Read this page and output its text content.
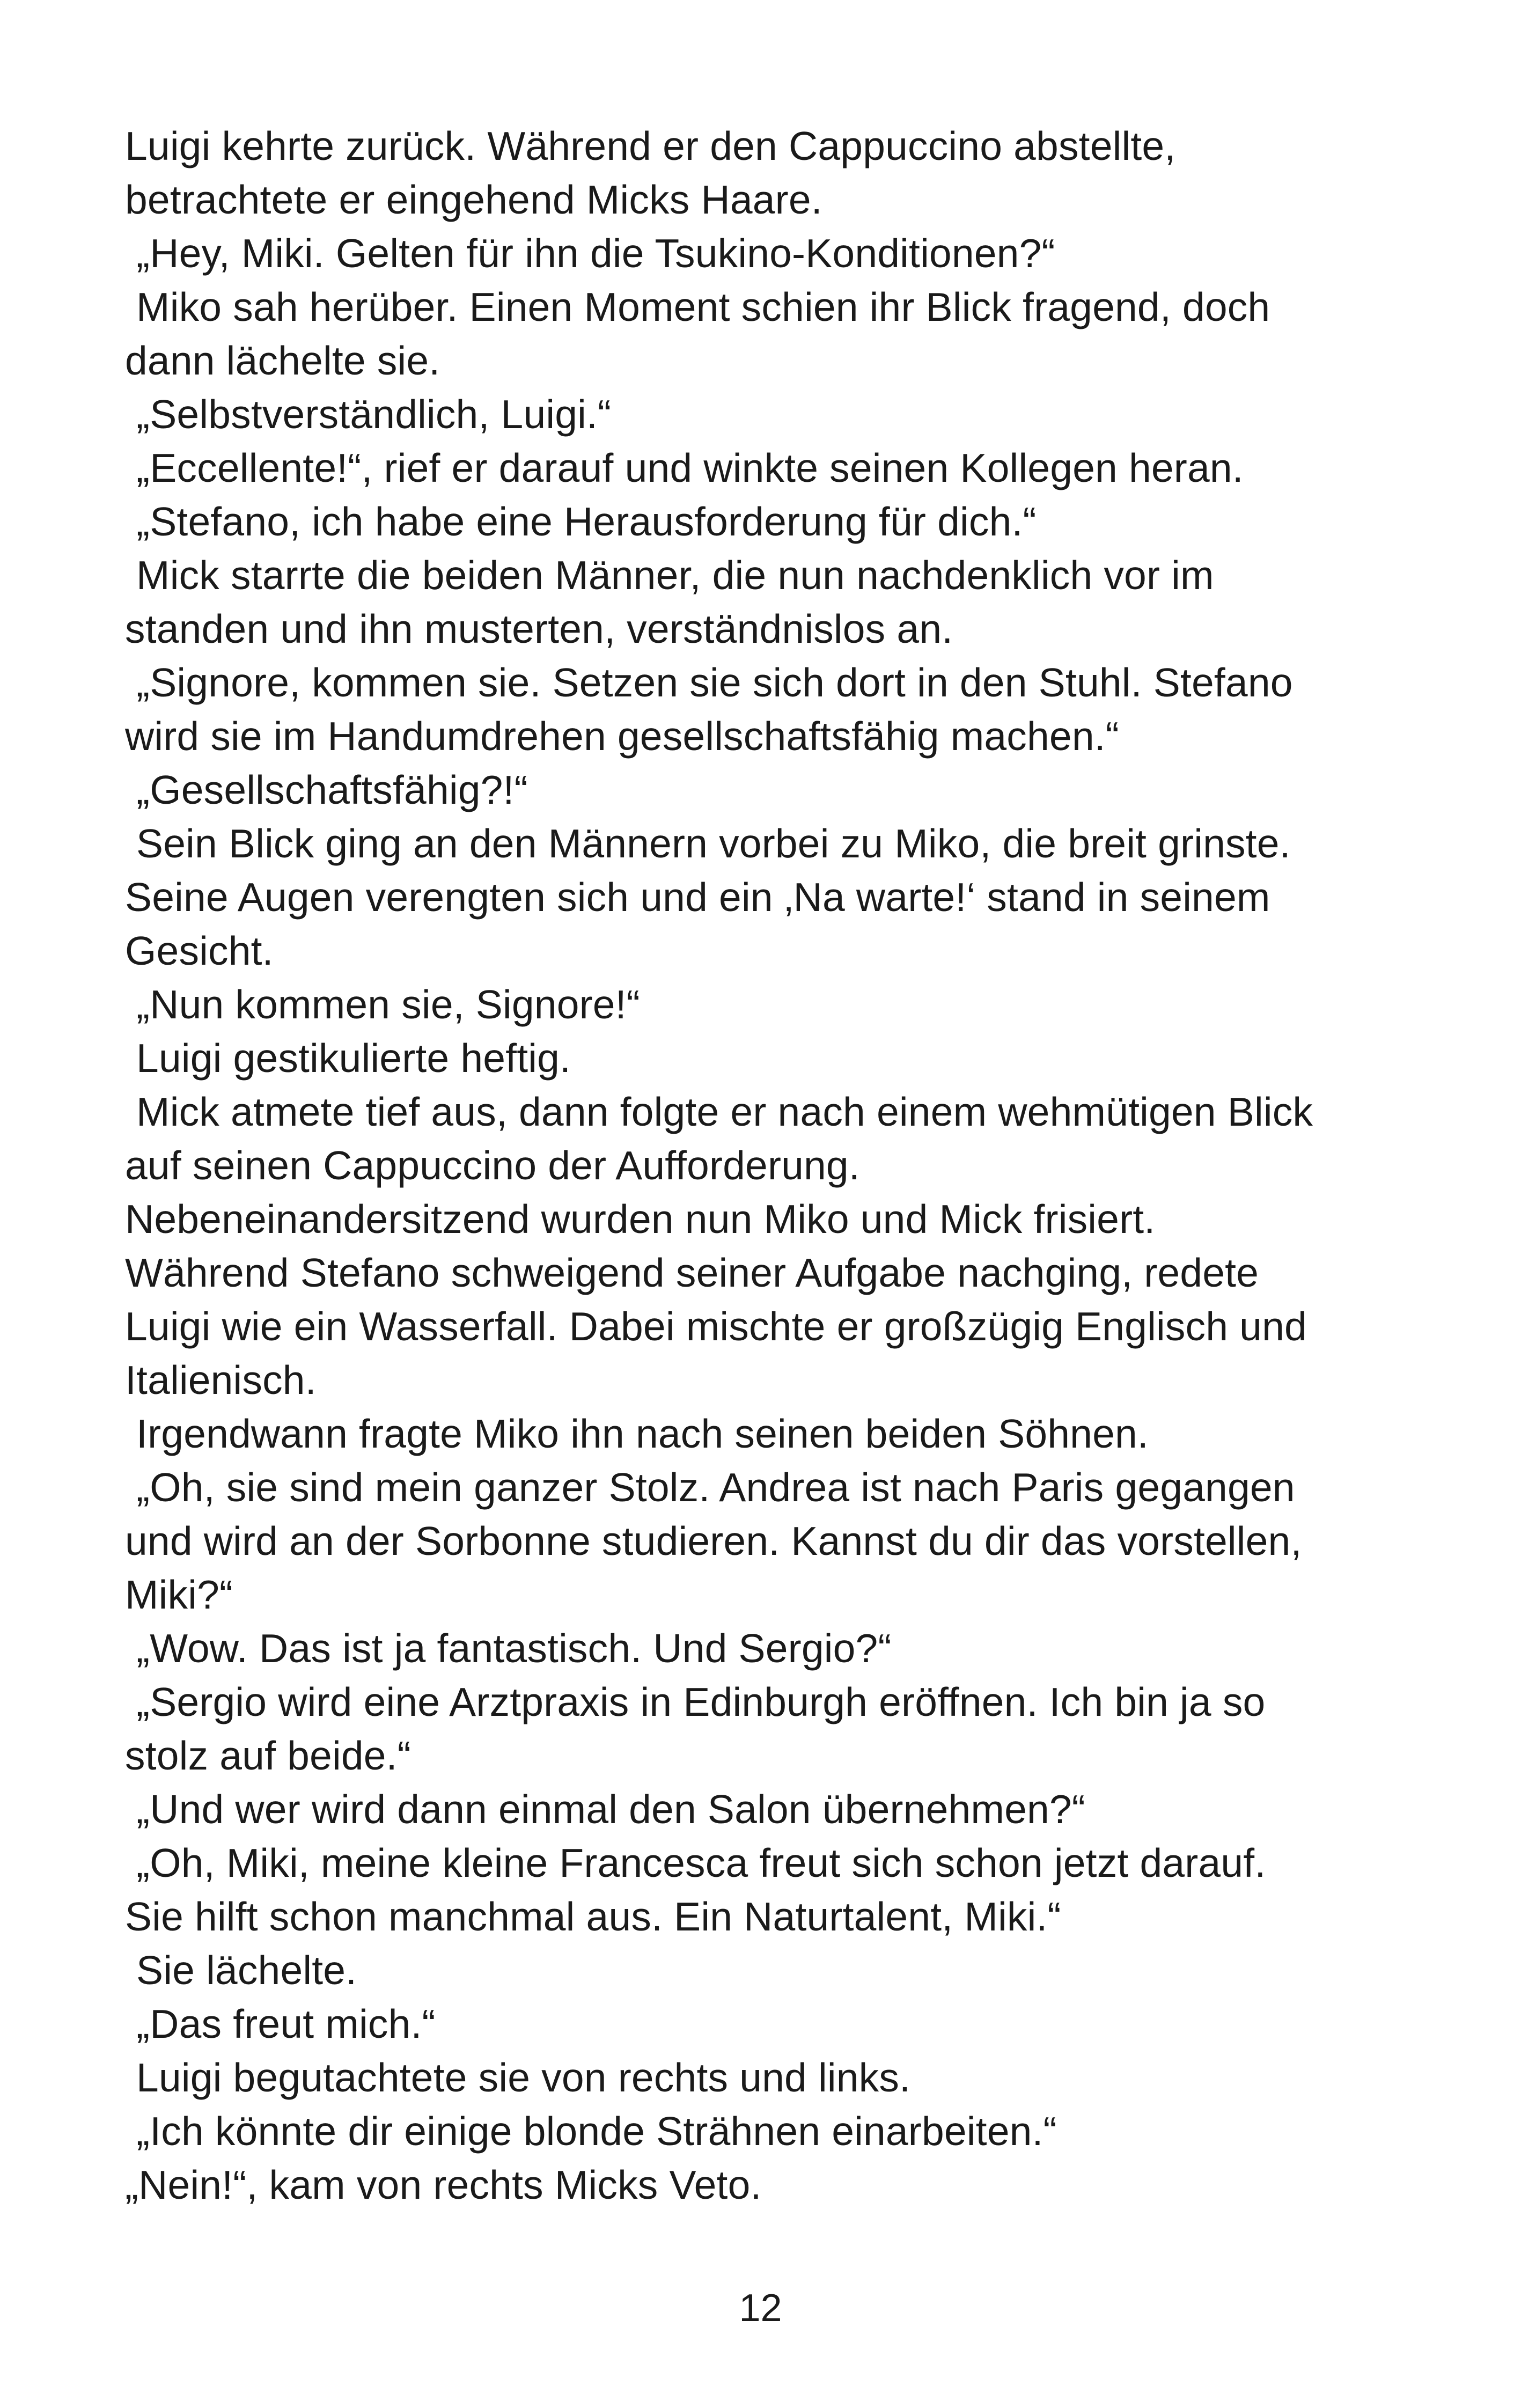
Luigi kehrte zurück. Während er den Cappuccino abstellte,
betrachtete er eingehend Micks Haare.
„Hey, Miki. Gelten für ihn die Tsukino-Konditionen?“
Miko sah herüber. Einen Moment schien ihr Blick fragend, doch
dann lächelte sie.
„Selbstverständlich, Luigi.“
„Eccellente!“, rief er darauf und winkte seinen Kollegen heran.
„Stefano, ich habe eine Herausforderung für dich.“
Mick starrte die beiden Männer, die nun nachdenklich vor im
standen und ihn musterten, verständnislos an.
„Signore, kommen sie. Setzen sie sich dort in den Stuhl. Stefano
wird sie im Handumdrehen gesellschaftsfähig machen.“
„Gesellschaftsfähig?!“
Sein Blick ging an den Männern vorbei zu Miko, die breit grinste.
Seine Augen verengten sich und ein ‚Na warte!‘ stand in seinem
Gesicht.
„Nun kommen sie, Signore!“
Luigi gestikulierte heftig.
Mick atmete tief aus, dann folgte er nach einem wehmütigen Blick
auf seinen Cappuccino der Aufforderung.
Nebeneinandersitzend wurden nun Miko und Mick frisiert.
Während Stefano schweigend seiner Aufgabe nachging, redete
Luigi wie ein Wasserfall. Dabei mischte er großzügig Englisch und
Italienisch.
Irgendwann fragte Miko ihn nach seinen beiden Söhnen.
„Oh, sie sind mein ganzer Stolz. Andrea ist nach Paris gegangen
und wird an der Sorbonne studieren. Kannst du dir das vorstellen,
Miki?“
„Wow. Das ist ja fantastisch. Und Sergio?“
„Sergio wird eine Arztpraxis in Edinburgh eröffnen. Ich bin ja so
stolz auf beide.“
„Und wer wird dann einmal den Salon übernehmen?“
„Oh, Miki, meine kleine Francesca freut sich schon jetzt darauf.
Sie hilft schon manchmal aus. Ein Naturtalent, Miki.“
Sie lächelte.
„Das freut mich.“
Luigi begutachtete sie von rechts und links.
„Ich könnte dir einige blonde Strähnen einarbeiten.“
„Nein!“, kam von rechts Micks Veto.
12
